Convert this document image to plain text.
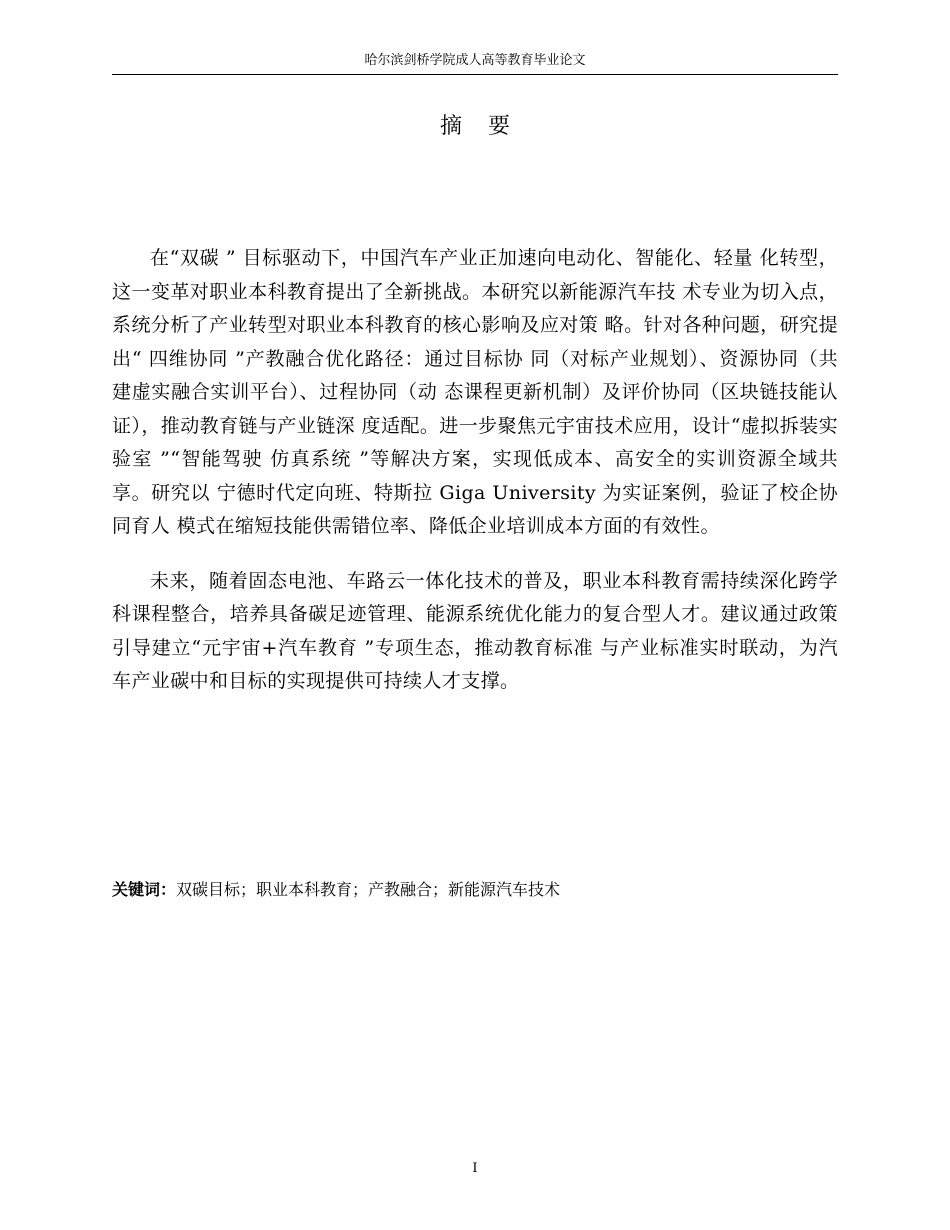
哈尔滨剑桥学院成人高等教育毕业论文
摘要

在“双碳 ” 目标驱动下，中国汽车产业正加速向电动化、智能化、轻量 化转型，这一变革对职业本科教育提出了全新挑战。本研究以新能源汽车技 术专业为切入点，系统分析了产业转型对职业本科教育的核心影响及应对策 略。针对各种问题，研究提出“ 四维协同 ”产教融合优化路径：通过目标协 同（对标产业规划）、资源协同（共建虚实融合实训平台）、过程协同（动 态课程更新机制）及评价协同（区块链技能认证），推动教育链与产业链深 度适配。进一步聚焦元宇宙技术应用，设计“虚拟拆装实验室 ”“智能驾驶 仿真系统 ”等解决方案，实现低成本、高安全的实训资源全域共享。研究以 宁德时代定向班、特斯拉 Giga University 为实证案例，验证了校企协同育人 模式在缩短技能供需错位率、降低企业培训成本方面的有效性。

未来，随着固态电池、车路云一体化技术的普及，职业本科教育需持续深化跨学科课程整合，培养具备碳足迹管理、能源系统优化能力的复合型人才。建议通过政策引导建立“元宇宙+汽车教育 ”专项生态，推动教育标准 与产业标准实时联动，为汽车产业碳中和目标的实现提供可持续人才支撑。

关键词：双碳目标；职业本科教育；产教融合；新能源汽车技术
I
